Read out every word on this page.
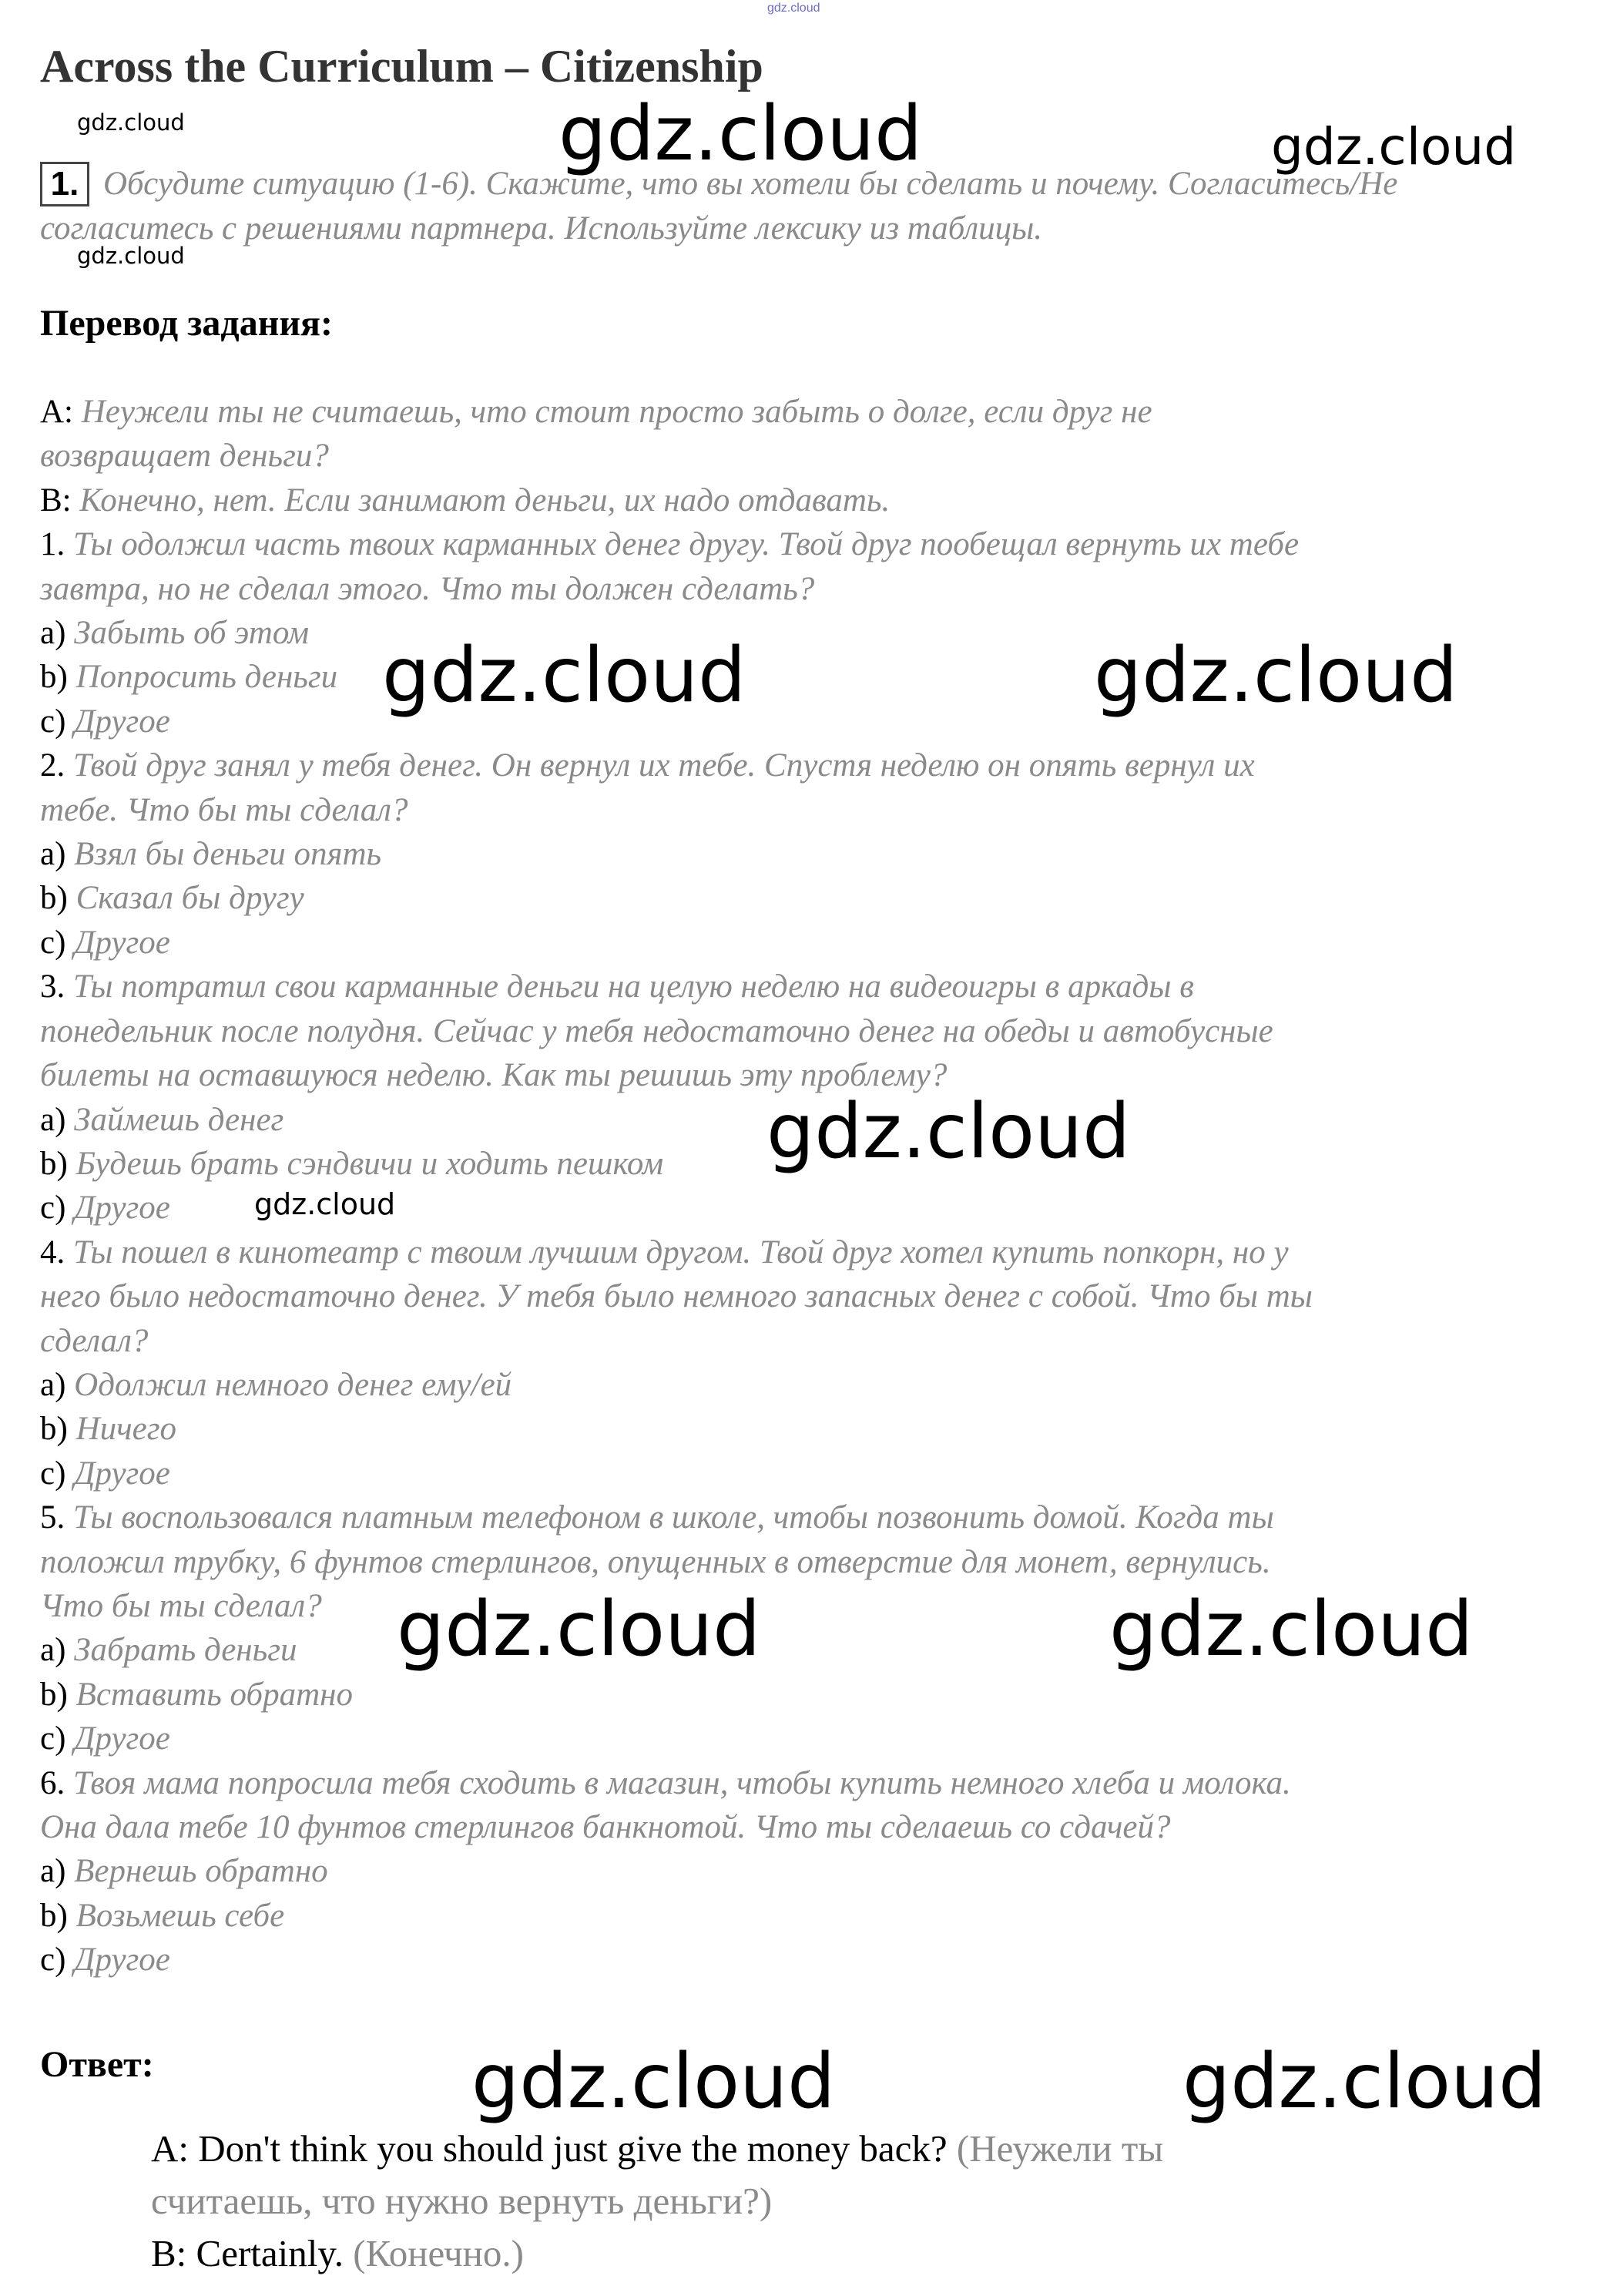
gdz.cloud
Across the Curriculum – Citizenship
1. Обсудите ситуацию (1-6). Скажите, что вы хотели бы сделать и почему. Согласитесь/Не согласитесь с решениями партнера. Используйте лексику из таблицы.

Перевод задания:
A: Неужели ты не считаешь, что стоит просто забыть о долге, если друг не
возвращает деньги?
B: Конечно, нет. Если занимают деньги, их надо отдавать.
1. Ты одолжил часть твоих карманных денег другу. Твой друг пообещал вернуть их тебе
завтра, но не сделал этого. Что ты должен сделать?
a) Забыть об этом
b) Попросить деньги
c) Другое
2. Твой друг занял у тебя денег. Он вернул их тебе. Спустя неделю он опять вернул их
тебе. Что бы ты сделал?
a) Взял бы деньги опять
b) Сказал бы другу
c) Другое
3. Ты потратил свои карманные деньги на целую неделю на видеоигры в аркады в
понедельник после полудня. Сейчас у тебя недостаточно денег на обеды и автобусные
билеты на оставшуюся неделю. Как ты решишь эту проблему?
a) Займешь денег
b) Будешь брать сэндвичи и ходить пешком
c) Другое
4. Ты пошел в кинотеатр с твоим лучшим другом. Твой друг хотел купить попкорн, но у
него было недостаточно денег. У тебя было немного запасных денег с собой. Что бы ты
сделал?
a) Одолжил немного денег ему/ей
b) Ничего
c) Другое
5. Ты воспользовался платным телефоном в школе, чтобы позвонить домой. Когда ты
положил трубку, 6 фунтов стерлингов, опущенных в отверстие для монет, вернулись.
Что бы ты сделал?
a) Забрать деньги
b) Вставить обратно
c) Другое
6. Твоя мама попросила тебя сходить в магазин, чтобы купить немного хлеба и молока.
Она дала тебе 10 фунтов стерлингов банкнотой. Что ты сделаешь со сдачей?
a) Вернешь обратно
b) Возьмешь себе
c) Другое
Ответ:
A: Don't think you should just give the money back? (Неужели ты
считаешь, что нужно вернуть деньги?)
B: Certainly. (Конечно.)
gdz.cloud	gdz.cloud	gdz.cloud
gdz.cloud
gdz.cloud	gdz.cloud
gdz.cloud
gdz.cloud
gdz.cloud	gdz.cloud
gdz.cloud	gdz.cloud
